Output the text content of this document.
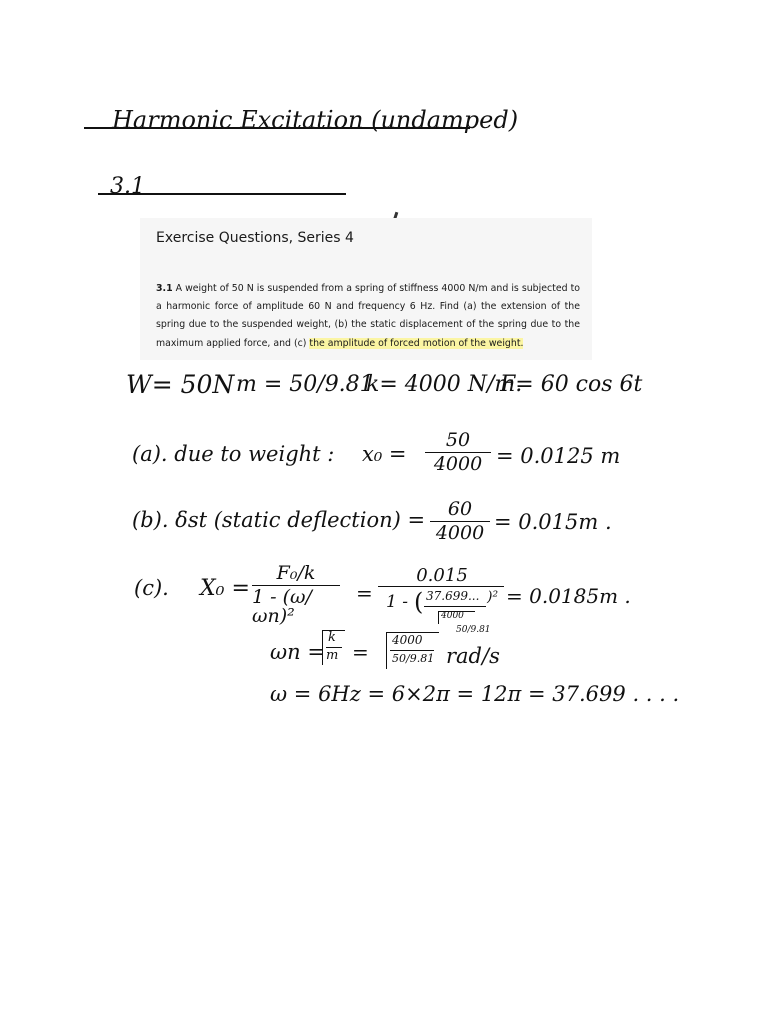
Harmonic Excitation (undamped)
3.1
Exercise Questions, Series 4
3.1 A weight of 50 N is suspended from a spring of stiffness 4000 N/m and is subjected to a harmonic force of amplitude 60 N and frequency 6 Hz. Find (a) the extension of the spring due to the suspended weight, (b) the static displacement of the spring due to the maximum applied force, and (c) the amplitude of forced motion of the weight.
W= 50N m = 50/9.81
k= 4000 N/m.
F= 60 cos 6t
(a). due to weight : x₀ =
50
4000 = 0.0125 m
(b). δst (static deflection) = 60
4000 = 0.015m .
(c). X₀ =
F₀/k
1 - (ω/ωn)²
=
0.015
1 - ( 37.699...
4000
50/9.81
)² = 0.0185m .
ωn =
k
m = 4000
50/9.81 rad/s
ω = 6Hz = 6×2π = 12π = 37.699 . . . .
